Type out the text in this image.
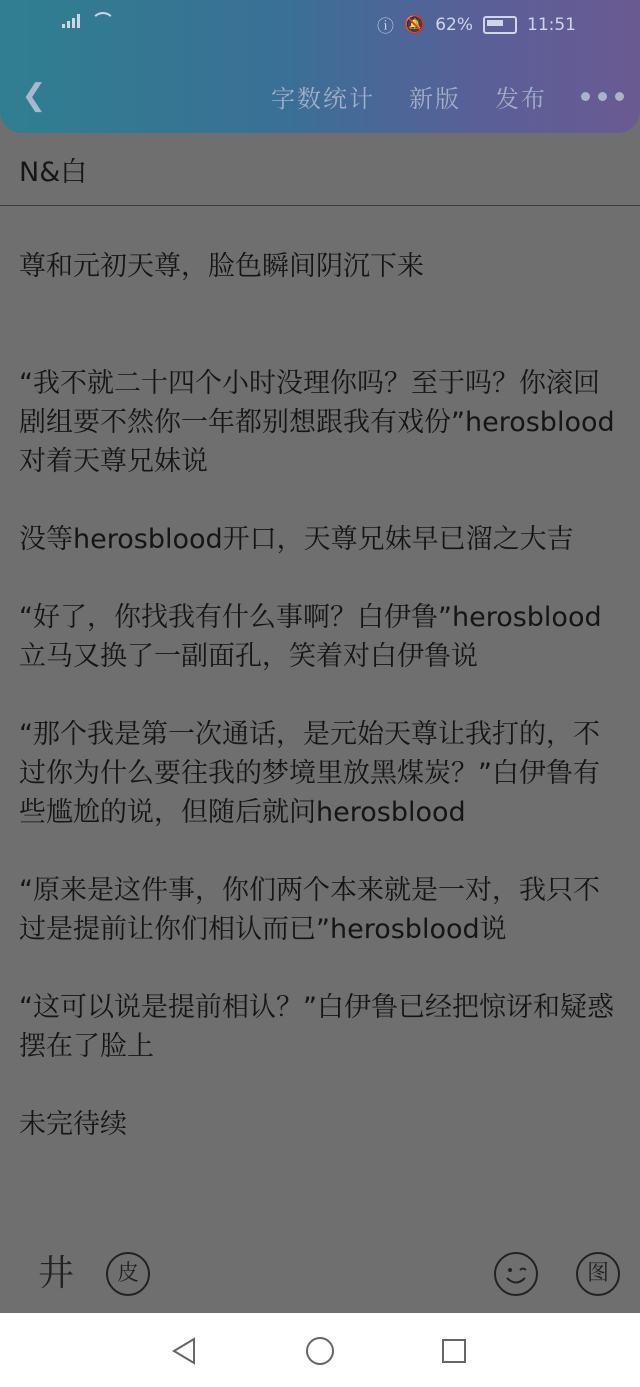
ⓘ 🔕 62%	11:51
❮	字数统计 新版 发布
N&白

尊和元初天尊，脸色瞬间阴沉下来

“我不就二十四个小时没理你吗？至于吗？你滚回剧组要不然你一年都别想跟我有戏份”herosblood对着天尊兄妹说

没等herosblood开口，天尊兄妹早已溜之大吉

“好了，你找我有什么事啊？白伊鲁”herosblood立马又换了一副面孔，笑着对白伊鲁说

“那个我是第一次通话，是元始天尊让我打的，不过你为什么要往我的梦境里放黑煤炭？”白伊鲁有些尴尬的说，但随后就问herosblood

“原来是这件事，你们两个本来就是一对，我只不过是提前让你们相认而已”herosblood说

“这可以说是提前相认？”白伊鲁已经把惊讶和疑惑摆在了脸上

未完待续

井	皮	图
